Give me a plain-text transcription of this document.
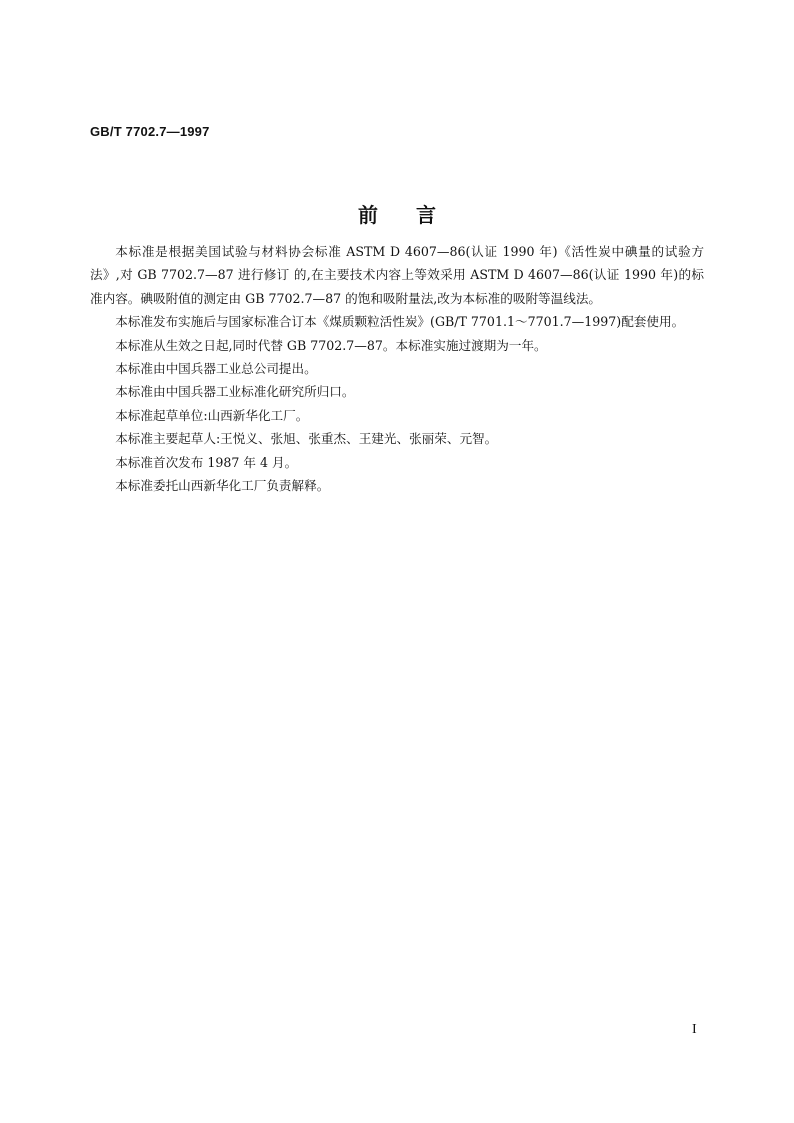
GB/T 7702.7—1997
前言

本标准是根据美国试验与材料协会标准 ASTM D 4607—86(认证 1990 年)《活性炭中碘量的试验方法》,对 GB 7702.7—87 进行修订 的,在主要技术内容上等效采用 ASTM D 4607—86(认证 1990 年)的标准内容。碘吸附值的测定由 GB 7702.7—87 的饱和吸附量法,改为本标准的吸附等温线法。

本标准发布实施后与国家标准合订本《煤质颗粒活性炭》(GB/T 7701.1～7701.7—1997)配套使用。

本标准从生效之日起,同时代替 GB 7702.7—87。本标准实施过渡期为一年。

本标准由中国兵器工业总公司提出。

本标准由中国兵器工业标准化研究所归口。

本标准起草单位:山西新华化工厂。

本标准主要起草人:王悦义、张旭、张重杰、王建光、张丽荣、元智。

本标准首次发布 1987 年 4 月。

本标准委托山西新华化工厂负责解释。

I
